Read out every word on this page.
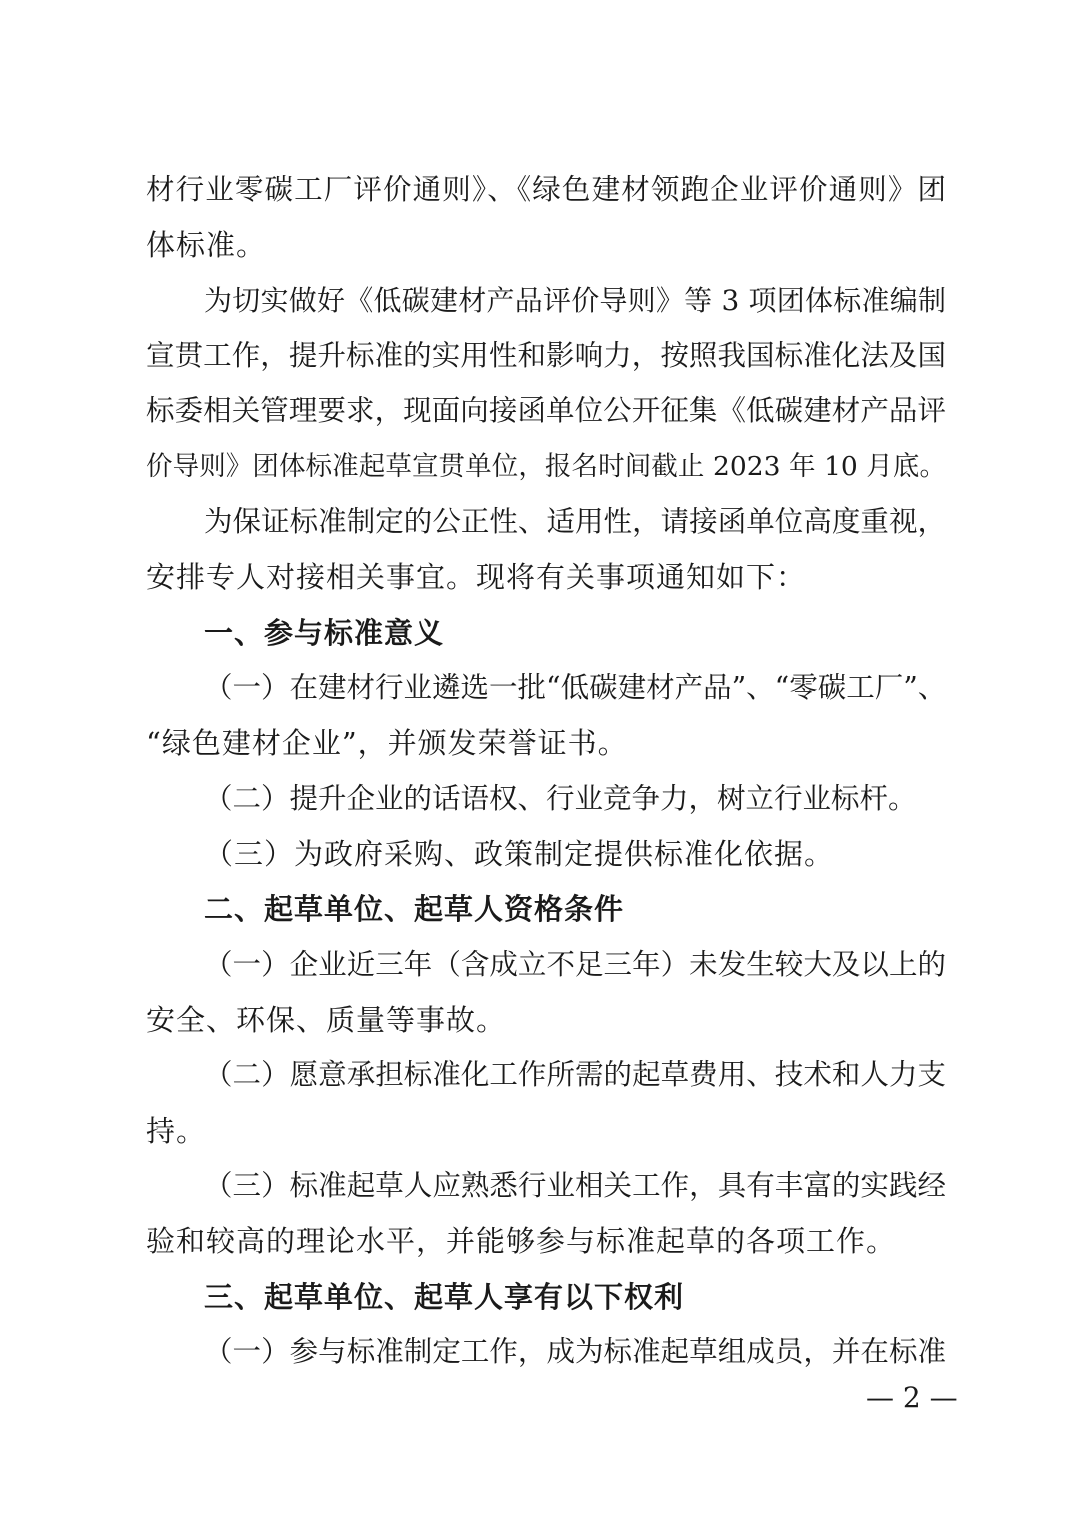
材行业零碳工厂评价通则》、《绿色建材领跑企业评价通则》团
体标准。
为切实做好《低碳建材产品评价导则》等 3 项团体标准编制
宣贯工作，提升标准的实用性和影响力，按照我国标准化法及国
标委相关管理要求，现面向接函单位公开征集《低碳建材产品评
价导则》团体标准起草宣贯单位，报名时间截止 2023 年 10 月底。
为保证标准制定的公正性、适用性，请接函单位高度重视，
安排专人对接相关事宜。现将有关事项通知如下：
一、参与标准意义
（一）在建材行业遴选一批“低碳建材产品”、“零碳工厂”、
“绿色建材企业”，并颁发荣誉证书。
（二）提升企业的话语权、行业竞争力，树立行业标杆。
（三）为政府采购、政策制定提供标准化依据。
二、起草单位、起草人资格条件
（一）企业近三年（含成立不足三年）未发生较大及以上的
安全、环保、质量等事故。
（二）愿意承担标准化工作所需的起草费用、技术和人力支
持。
（三）标准起草人应熟悉行业相关工作，具有丰富的实践经
验和较高的理论水平，并能够参与标准起草的各项工作。
三、起草单位、起草人享有以下权利
（一）参与标准制定工作，成为标准起草组成员，并在标准
— 2 —
